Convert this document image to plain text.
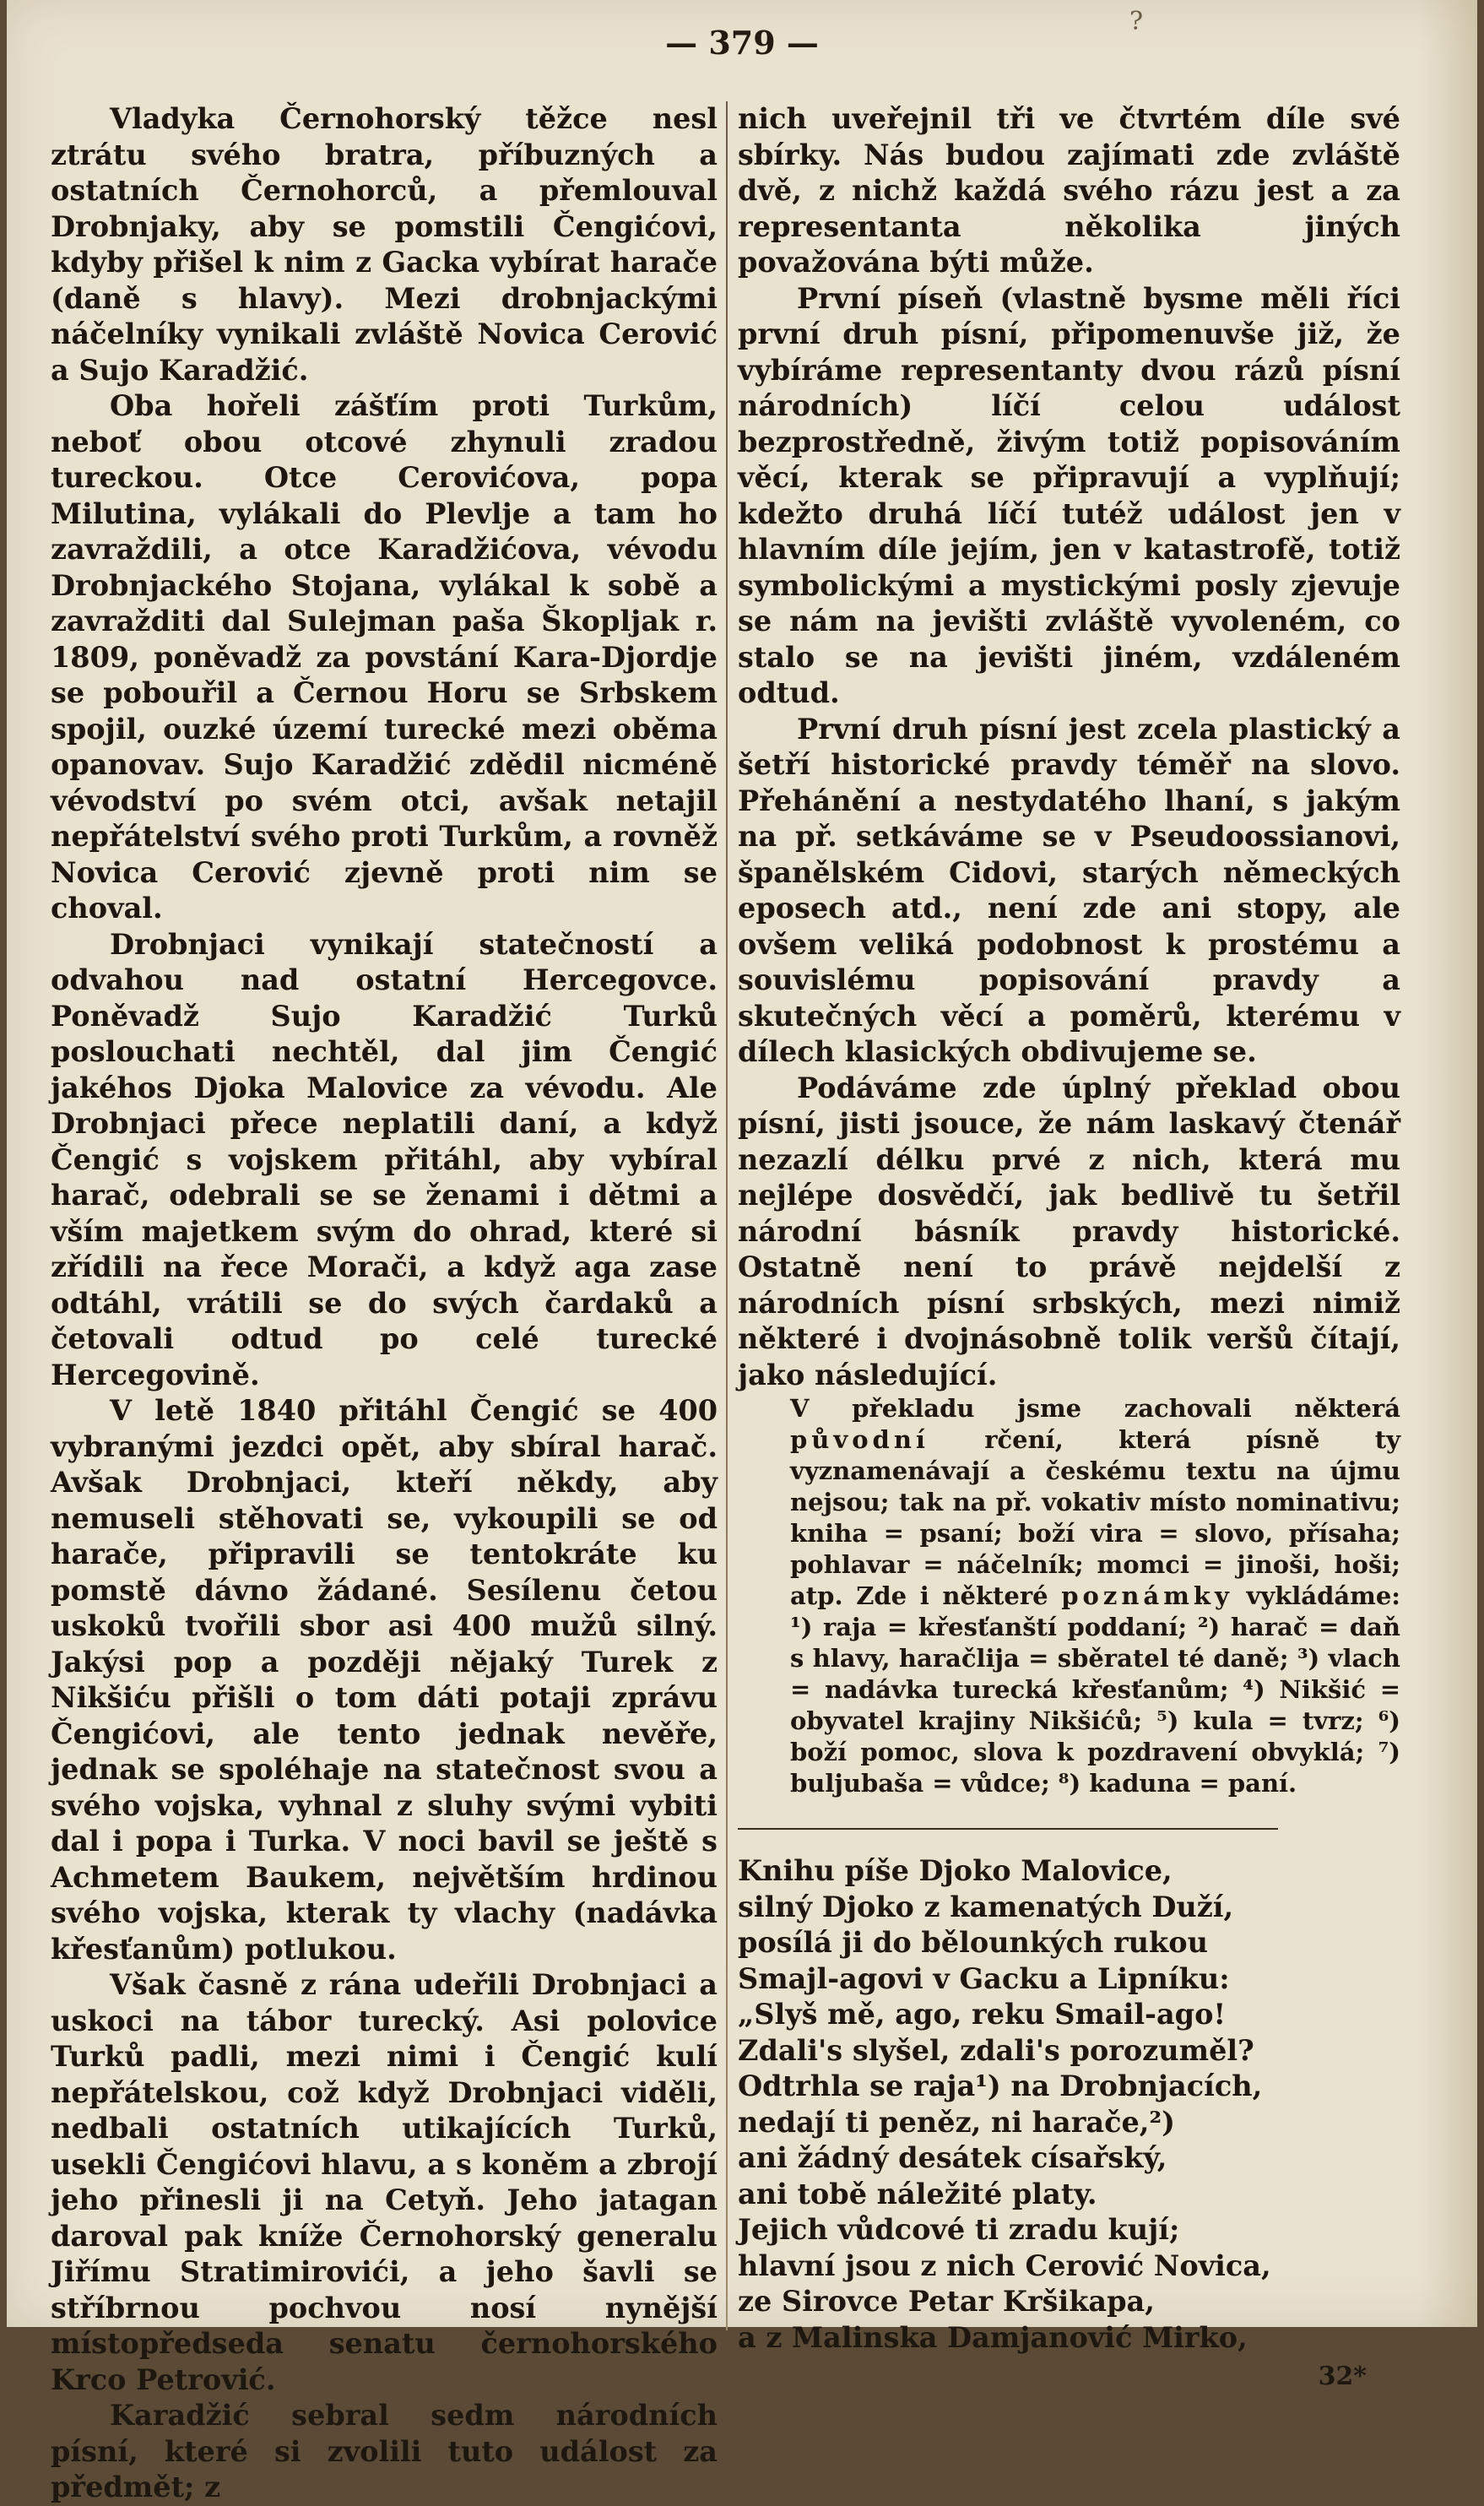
?
— 379 —

Vladyka Černohorský těžce nesl ztrátu svého bratra, příbuzných a ostatních Černohorců, a přemlouval Drobnjaky, aby se pomstili Čengićovi, kdyby přišel k nim z Gacka vybírat harače (daně s hlavy). Mezi drobnjackými náčelníky vynikali zvláště Novica Cerović a Sujo Karadžić.

Oba hořeli zášťím proti Turkům, neboť obou otcové zhynuli zradou tureckou. Otce Cerovićova, popa Milutina, vylákali do Plevlje a tam ho zavraždili, a otce Karadžićova, vévodu Drobnjackého Stojana, vylákal k sobě a zavražditi dal Sulejman paša Škopljak r. 1809, poněvadž za povstání Kara-Djordje se pobouřil a Černou Horu se Srbskem spojil, ouzké území turecké mezi oběma opanovav. Sujo Karadžić zdědil nicméně vévodství po svém otci, avšak netajil nepřátelství svého proti Turkům, a rovněž Novica Cerović zjevně proti nim se choval.

Drobnjaci vynikají statečností a odvahou nad ostatní Hercegovce. Poněvadž Sujo Karadžić Turků poslouchati nechtěl, dal jim Čengić jakéhos Djoka Malovice za vévodu. Ale Drobnjaci přece neplatili daní, a když Čengić s vojskem přitáhl, aby vybíral harač, odebrali se se ženami i dětmi a vším majetkem svým do ohrad, které si zřídili na řece Morači, a když aga zase odtáhl, vrátili se do svých čardaků a četovali odtud po celé turecké Hercegovině.

V letě 1840 přitáhl Čengić se 400 vybranými jezdci opět, aby sbíral harač. Avšak Drobnjaci, kteří někdy, aby nemuseli stěhovati se, vykoupili se od harače, připravili se tentokráte ku pomstě dávno žádané. Sesílenu četou uskoků tvořili sbor asi 400 mužů silný. Jakýsi pop a později nějaký Turek z Nikšiću přišli o tom dáti potaji zprávu Čengićovi, ale tento jednak nevěře, jednak se spoléhaje na statečnost svou a svého vojska, vyhnal z sluhy svými vybiti dal i popa i Turka. V noci bavil se ještě s Achmetem Baukem, největším hrdinou svého vojska, kterak ty vlachy (nadávka křesťanům) potlukou.

Však časně z rána udeřili Drobnjaci a uskoci na tábor turecký. Asi polovice Turků padli, mezi nimi i Čengić kulí nepřátelskou, což když Drobnjaci viděli, nedbali ostatních utikajících Turků, usekli Čengićovi hlavu, a s koněm a zbrojí jeho přinesli ji na Cetyň. Jeho jatagan daroval pak kníže Černohorský generalu Jiřímu Stratimirovići, a jeho šavli se stříbrnou pochvou nosí nynější místopředseda senatu černohorského Krco Petrović.

Karadžić sebral sedm národních písní, které si zvolili tuto událost za předmět; z

nich uveřejnil tři ve čtvrtém díle své sbírky. Nás budou zajímati zde zvláště dvě, z nichž každá svého rázu jest a za representanta několika jiných považována býti může.

První píseň (vlastně bysme měli říci první druh písní, připomenuvše již, že vybíráme representanty dvou rázů písní národních) líčí celou událost bezprostředně, živým totiž popisováním věcí, kterak se připravují a vyplňují; kdežto druhá líčí tutéž událost jen v hlavním díle jejím, jen v katastrofě, totiž symbolickými a mystickými posly zjevuje se nám na jevišti zvláště vyvoleném, co stalo se na jevišti jiném, vzdáleném odtud.

První druh písní jest zcela plastický a šetří historické pravdy téměř na slovo. Přehánění a nestydatého lhaní, s jakým na př. setkáváme se v Pseudoossianovi, španělském Cidovi, starých německých eposech atd., není zde ani stopy, ale ovšem veliká podobnost k prostému a souvislému popisování pravdy a skutečných věcí a poměrů, kterému v dílech klasických obdivujeme se.

Podáváme zde úplný překlad obou písní, jisti jsouce, že nám laskavý čtenář nezazlí délku prvé z nich, která mu nejlépe dosvědčí, jak bedlivě tu šetřil národní básník pravdy historické. Ostatně není to právě nejdelší z národních písní srbských, mezi nimiž některé i dvojnásobně tolik veršů čítají, jako následující.

V překladu jsme zachovali některá původní rčení, která písně ty vyznamenávají a českému textu na újmu nejsou; tak na př. vokativ místo nominativu; kniha = psaní; boží vira = slovo, přísaha; pohlavar = náčelník; momci = jinoši, hoši; atp. Zde i některé poznámky vykládáme: ¹) raja = křesťanští poddaní; ²) harač = daň s hlavy, haračlija = sběratel té daně; ³) vlach = nadávka turecká křesťanům; ⁴) Nikšić = obyvatel krajiny Nikšićů; ⁵) kula = tvrz; ⁶) boží pomoc, slova k pozdravení obvyklá; ⁷) buljubaša = vůdce; ⁸) kaduna = paní.

Knihu píše Djoko Malovice,
silný Djoko z kamenatých Duží,
posílá ji do bělounkých rukou
Smajl-agovi v Gacku a Lipníku:
„Slyš mě, ago, reku Smail-ago!
Zdali's slyšel, zdali's porozuměl?
Odtrhla se raja¹) na Drobnjacích,
nedají ti peněz, ni harače,²)
ani žádný desátek císařský,
ani tobě náležité platy.
Jejich vůdcové ti zradu kují;
hlavní jsou z nich Cerović Novica,
ze Sirovce Petar Kršikapa,
a z Malinska Damjanović Mirko,
32*
